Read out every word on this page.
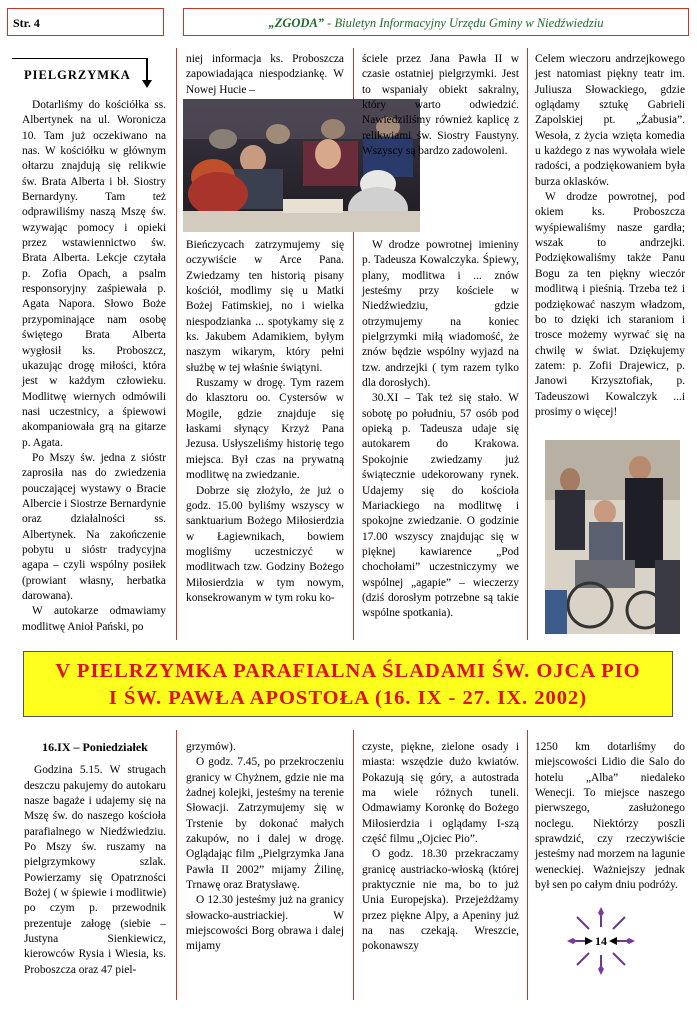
Str. 4	„ZGODA” - Biuletyn Informacyjny Urzędu Gminy w Niedźwiedziu
PIELGRZYMKA

Dotarliśmy do kościółka ss. Albertynek na ul. Woronicza 10. Tam już oczekiwano na nas. W kościółku w głównym ołtarzu znajdują się relikwie św. Brata Alberta i bł. Siostry Bernardyny. Tam też odprawiliśmy naszą Mszę św. wzywając pomocy i opieki przez wstawiennictwo św. Brata Alberta. Lekcje czytała p. Zofia Opach, a psalm responsoryjny zaśpiewała p. Agata Napora. Słowo Boże przypominające nam osobę świętego Brata Alberta wygłosił ks. Proboszcz, ukazując drogę miłości, która jest w każdym człowieku. Modlitwę wiernych odmówili nasi uczestnicy, a śpiewowi akompaniowała grą na gitarze p. Agata.

Po Mszy św. jedna z sióstr zaprosiła nas do zwiedzenia pouczającej wystawy o Bracie Albercie i Siostrze Bernardynie oraz działalności ss. Albertynek. Na zakończenie pobytu u sióstr tradycyjna agapa – czyli wspólny posiłek (prowiant własny, herbatka darowana).

W autokarze odmawiamy modlitwę Anioł Pański, po

niej informacja ks. Proboszcza zapowiadająca niespodziankę. W Nowej Hucie –

Bieńczycach zatrzymujemy się oczywiście w Arce Pana. Zwiedzamy ten historią pisany kościół, modlimy się u Matki Bożej Fatimskiej, no i wielka niespodzianka ... spotykamy się z ks. Jakubem Adamikiem, byłym naszym wikarym, który pełni służbę w tej właśnie świątyni.

Ruszamy w drogę. Tym razem do klasztoru oo. Cystersów w Mogile, gdzie znajduje się łaskami słynący Krzyż Pana Jezusa. Usłyszeliśmy historię tego miejsca. Był czas na prywatną modlitwę na zwiedzanie.

Dobrze się złożyło, że już o godz. 15.00 byliśmy wszyscy w sanktuarium Bożego Miłosierdzia w Łagiewnikach, bowiem mogliśmy uczestniczyć w modlitwach tzw. Godziny Bożego Miłosierdzia w tym nowym, konsekrowanym w tym roku ko-

ściele przez Jana Pawła II w czasie ostatniej pielgrzymki. Jest to wspaniały obiekt sakralny, który warto odwiedzić. Nawiedziliśmy również kaplicę z relikwiami św. Siostry Faustyny. Wszyscy są bardzo zadowoleni.

W drodze powrotnej imieniny p. Tadeusza Kowalczyka. Śpiewy, plany, modlitwa i ... znów jesteśmy przy kościele w Niedźwiedziu, gdzie otrzymujemy na koniec pielgrzymki miłą wiadomość, że znów będzie wspólny wyjazd na tzw. andrzejki ( tym razem tylko dla dorosłych).

30.XI – Tak też się stało. W sobotę po południu, 57 osób pod opieką p. Tadeusza udaje się autokarem do Krakowa. Spokojnie zwiedzamy już świątecznie udekorowany rynek. Udajemy się do kościoła Mariackiego na modlitwę i spokojne zwiedzanie. O godzinie 17.00 wszyscy znajdując się w pięknej kawiarence „Pod chochołami” uczestniczymy we wspólnej „agapie” – wieczerzy (dziś dorosłym potrzebne są takie wspólne spotkania).

Celem wieczoru andrzejkowego jest natomiast piękny teatr im. Juliusza Słowackiego, gdzie oglądamy sztukę Gabrieli Zapolskiej pt. „Żabusia”. Wesoła, z życia wzięta komedia u każdego z nas wywołała wiele radości, a podziękowaniem była burza oklasków.

W drodze powrotnej, pod okiem ks. Proboszcza wyśpiewaliśmy nasze gardła; wszak to andrzejki. Podziękowaliśmy także Panu Bogu za ten piękny wieczór modlitwą i pieśnią. Trzeba też i podziękować naszym władzom, bo to dzięki ich staraniom i trosce możemy wyrwać się na chwilę w świat. Dziękujemy zatem: p. Zofii Drajewicz, p. Janowi Krzysztofiak, p. Tadeuszowi Kowalczyk ...i prosimy o więcej!

V PIELRZYMKA PARAFIALNA ŚLADAMI ŚW. OJCA PIO
I ŚW. PAWŁA APOSTOŁA (16. IX - 27. IX. 2002)

16.IX – Poniedziałek

Godzina 5.15. W strugach deszczu pakujemy do autokaru nasze bagaże i udajemy się na Mszę św. do naszego kościoła parafialnego w Niedźwiedziu. Po Mszy św. ruszamy na pielgrzymkowy szlak. Powierzamy się Opatrzności Bożej ( w śpiewie i modlitwie) po czym p. przewodnik prezentuje załogę (siebie – Justyna Sienkiewicz, kierowców Rysia i Wiesia, ks. Proboszcza oraz 47 piel-

grzymów).

O godz. 7.45, po przekroczeniu granicy w Chyżnem, gdzie nie ma żadnej kolejki, jesteśmy na terenie Słowacji. Zatrzymujemy się w Trstenie by dokonać małych zakupów, no i dalej w drogę. Oglądając film „Pielgrzymka Jana Pawła II 2002” mijamy Żilinę, Trnawę oraz Bratysławę.

O 12.30 jesteśmy już na granicy słowacko-austriackiej. W miejscowości Borg obrawa i dalej mijamy

czyste, piękne, zielone osady i miasta: wszędzie dużo kwiatów. Pokazują się góry, a autostrada ma wiele różnych tuneli. Odmawiamy Koronkę do Bożego Miłosierdzia i oglądamy I-szą część filmu „Ojciec Pio”.

O godz. 18.30 przekraczamy granicę austriacko-włoską (której praktycznie nie ma, bo to już Unia Europejska). Przejeżdżamy przez piękne Alpy, a Apeniny już na nas czekają. Wreszcie, pokonawszy

1250 km dotarliśmy do miejscowości Lidio die Salo do hotelu „Alba” niedaleko Wenecji. To miejsce naszego pierwszego, zasłużonego noclegu. Niektórzy poszli sprawdzić, czy rzeczywiście jesteśmy nad morzem na lagunie weneckiej. Ważniejszy jednak był sen po całym dniu podróży.

14
